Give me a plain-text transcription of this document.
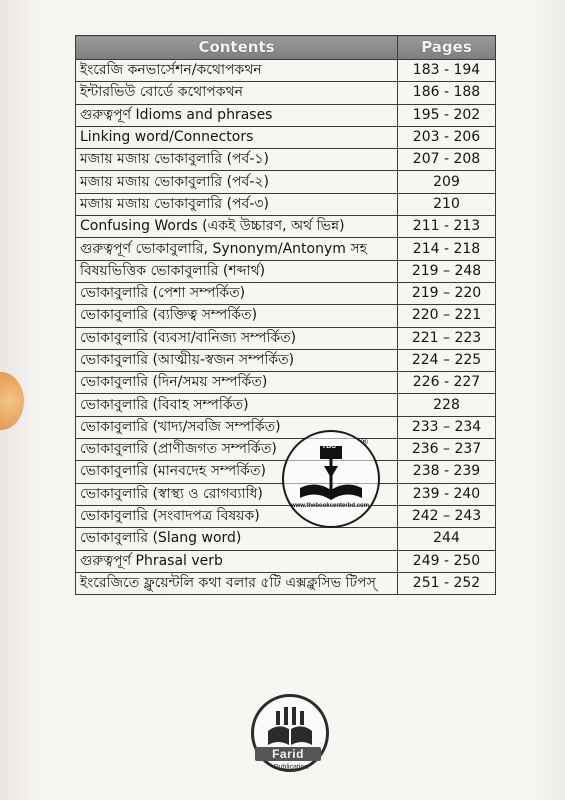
Contents	Pages
ইংরেজি কনভার্সেশন/কথোপকথন	183 - 194
ইন্টারভিউ বোর্ডে কথোপকথন	186 - 188
গুরুত্বপূর্ণ Idioms and phrases	195 - 202
Linking word/Connectors	203 - 206
মজায় মজায় ভোকাবুলারি (পর্ব-১)	207 - 208
মজায় মজায় ভোকাবুলারি (পর্ব-২)	209
মজায় মজায় ভোকাবুলারি (পর্ব-৩)	210
Confusing Words (একই উচ্চারণ, অর্থ ভিন্ন)	211 - 213
গুরুত্বপূর্ণ ভোকাবুলারি, Synonym/Antonym সহ	214 - 218
বিষয়ভিত্তিক ভোকাবুলারি (শব্দার্থ)	219 – 248
ভোকাবুলারি (পেশা সম্পর্কিত)	219 – 220
ভোকাবুলারি (ব্যক্তিত্ব সম্পর্কিত)	220 – 221
ভোকাবুলারি (ব্যবসা/বানিজ্য সম্পর্কিত)	221 – 223
ভোকাবুলারি (আত্মীয়-স্বজন সম্পর্কিত)	224 – 225
ভোকাবুলারি (দিন/সময় সম্পর্কিত)	226 - 227
ভোকাবুলারি (বিবাহ সম্পর্কিত)	228
ভোকাবুলারি (খাদ্য/সবজি সম্পর্কিত)	233 – 234
ভোকাবুলারি (প্রাণীজগত সম্পর্কিত)	236 – 237
ভোকাবুলারি (মানবদেহ সম্পর্কিত)	238 - 239
ভোকাবুলারি (স্বাস্থ্য ও রোগব্যাধি)	239 - 240
ভোকাবুলারি (সংবাদপত্র বিষয়ক)	242 – 243
ভোকাবুলারি (Slang word)	244
গুরুত্বপূর্ণ Phrasal verb	249 - 250
ইংরেজিতে ফ্লুয়েন্টলি কথা বলার ৫টি এক্সক্লুসিভ টিপস্	251 - 252
TBC	®
www.thebookcenterbd.com
Farid
Publication
